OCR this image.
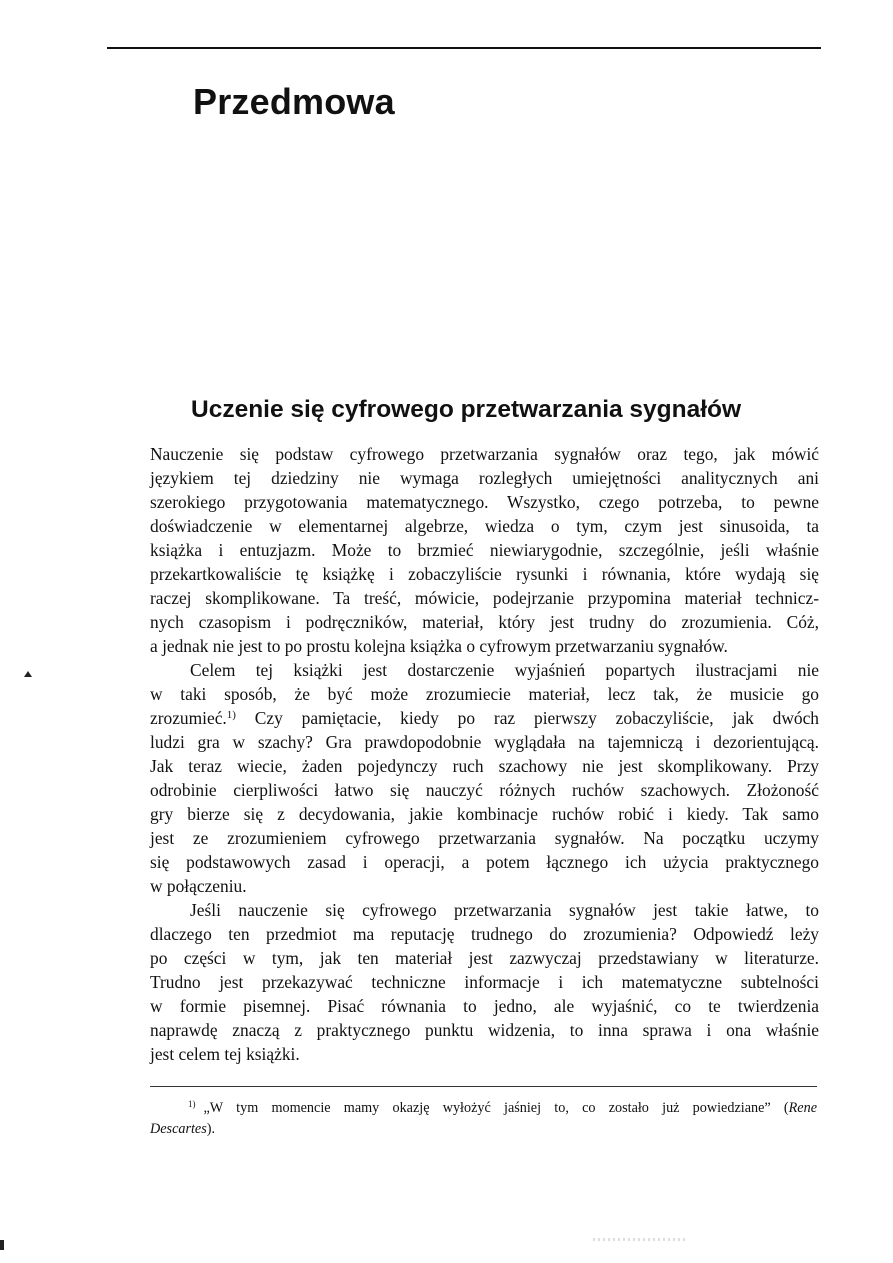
Przedmowa
Uczenie się cyfrowego przetwarzania sygnałów

Nauczenie się podstaw cyfrowego przetwarzania sygnałów oraz tego, jak mówić
językiem tej dziedziny nie wymaga rozległych umiejętności analitycznych ani
szerokiego przygotowania matematycznego. Wszystko, czego potrzeba, to pewne
doświadczenie w elementarnej algebrze, wiedza o tym, czym jest sinusoida, ta
książka i entuzjazm. Może to brzmieć niewiarygodnie, szczególnie, jeśli właśnie
przekartkowaliście tę książkę i zobaczyliście rysunki i równania, które wydają się
raczej skomplikowane. Ta treść, mówicie, podejrzanie przypomina materiał technicz-
nych czasopism i podręczników, materiał, który jest trudny do zrozumienia. Cóż,
a jednak nie jest to po prostu kolejna książka o cyfrowym przetwarzaniu sygnałów.

Celem tej książki jest dostarczenie wyjaśnień popartych ilustracjami nie
w taki sposób, że być może zrozumiecie materiał, lecz tak, że musicie go
zrozumieć.$^{1)}$ Czy pamiętacie, kiedy po raz pierwszy zobaczyliście, jak dwóch
ludzi gra w szachy? Gra prawdopodobnie wyglądała na tajemniczą i dezorientującą.
Jak teraz wiecie, żaden pojedynczy ruch szachowy nie jest skomplikowany. Przy
odrobinie cierpliwości łatwo się nauczyć różnych ruchów szachowych. Złożoność
gry bierze się z decydowania, jakie kombinacje ruchów robić i kiedy. Tak samo
jest ze zrozumieniem cyfrowego przetwarzania sygnałów. Na początku uczymy
się podstawowych zasad i operacji, a potem łącznego ich użycia praktycznego
w połączeniu.

Jeśli nauczenie się cyfrowego przetwarzania sygnałów jest takie łatwe, to
dlaczego ten przedmiot ma reputację trudnego do zrozumienia? Odpowiedź leży
po części w tym, jak ten materiał jest zazwyczaj przedstawiany w literaturze.
Trudno jest przekazywać techniczne informacje i ich matematyczne subtelności
w formie pisemnej. Pisać równania to jedno, ale wyjaśnić, co te twierdzenia
naprawdę znaczą z praktycznego punktu widzenia, to inna sprawa i ona właśnie
jest celem tej książki.

$^{1)}$ „W tym momencie mamy okazję wyłożyć jaśniej to, co zostało już powiedziane” (Rene
Descartes).
